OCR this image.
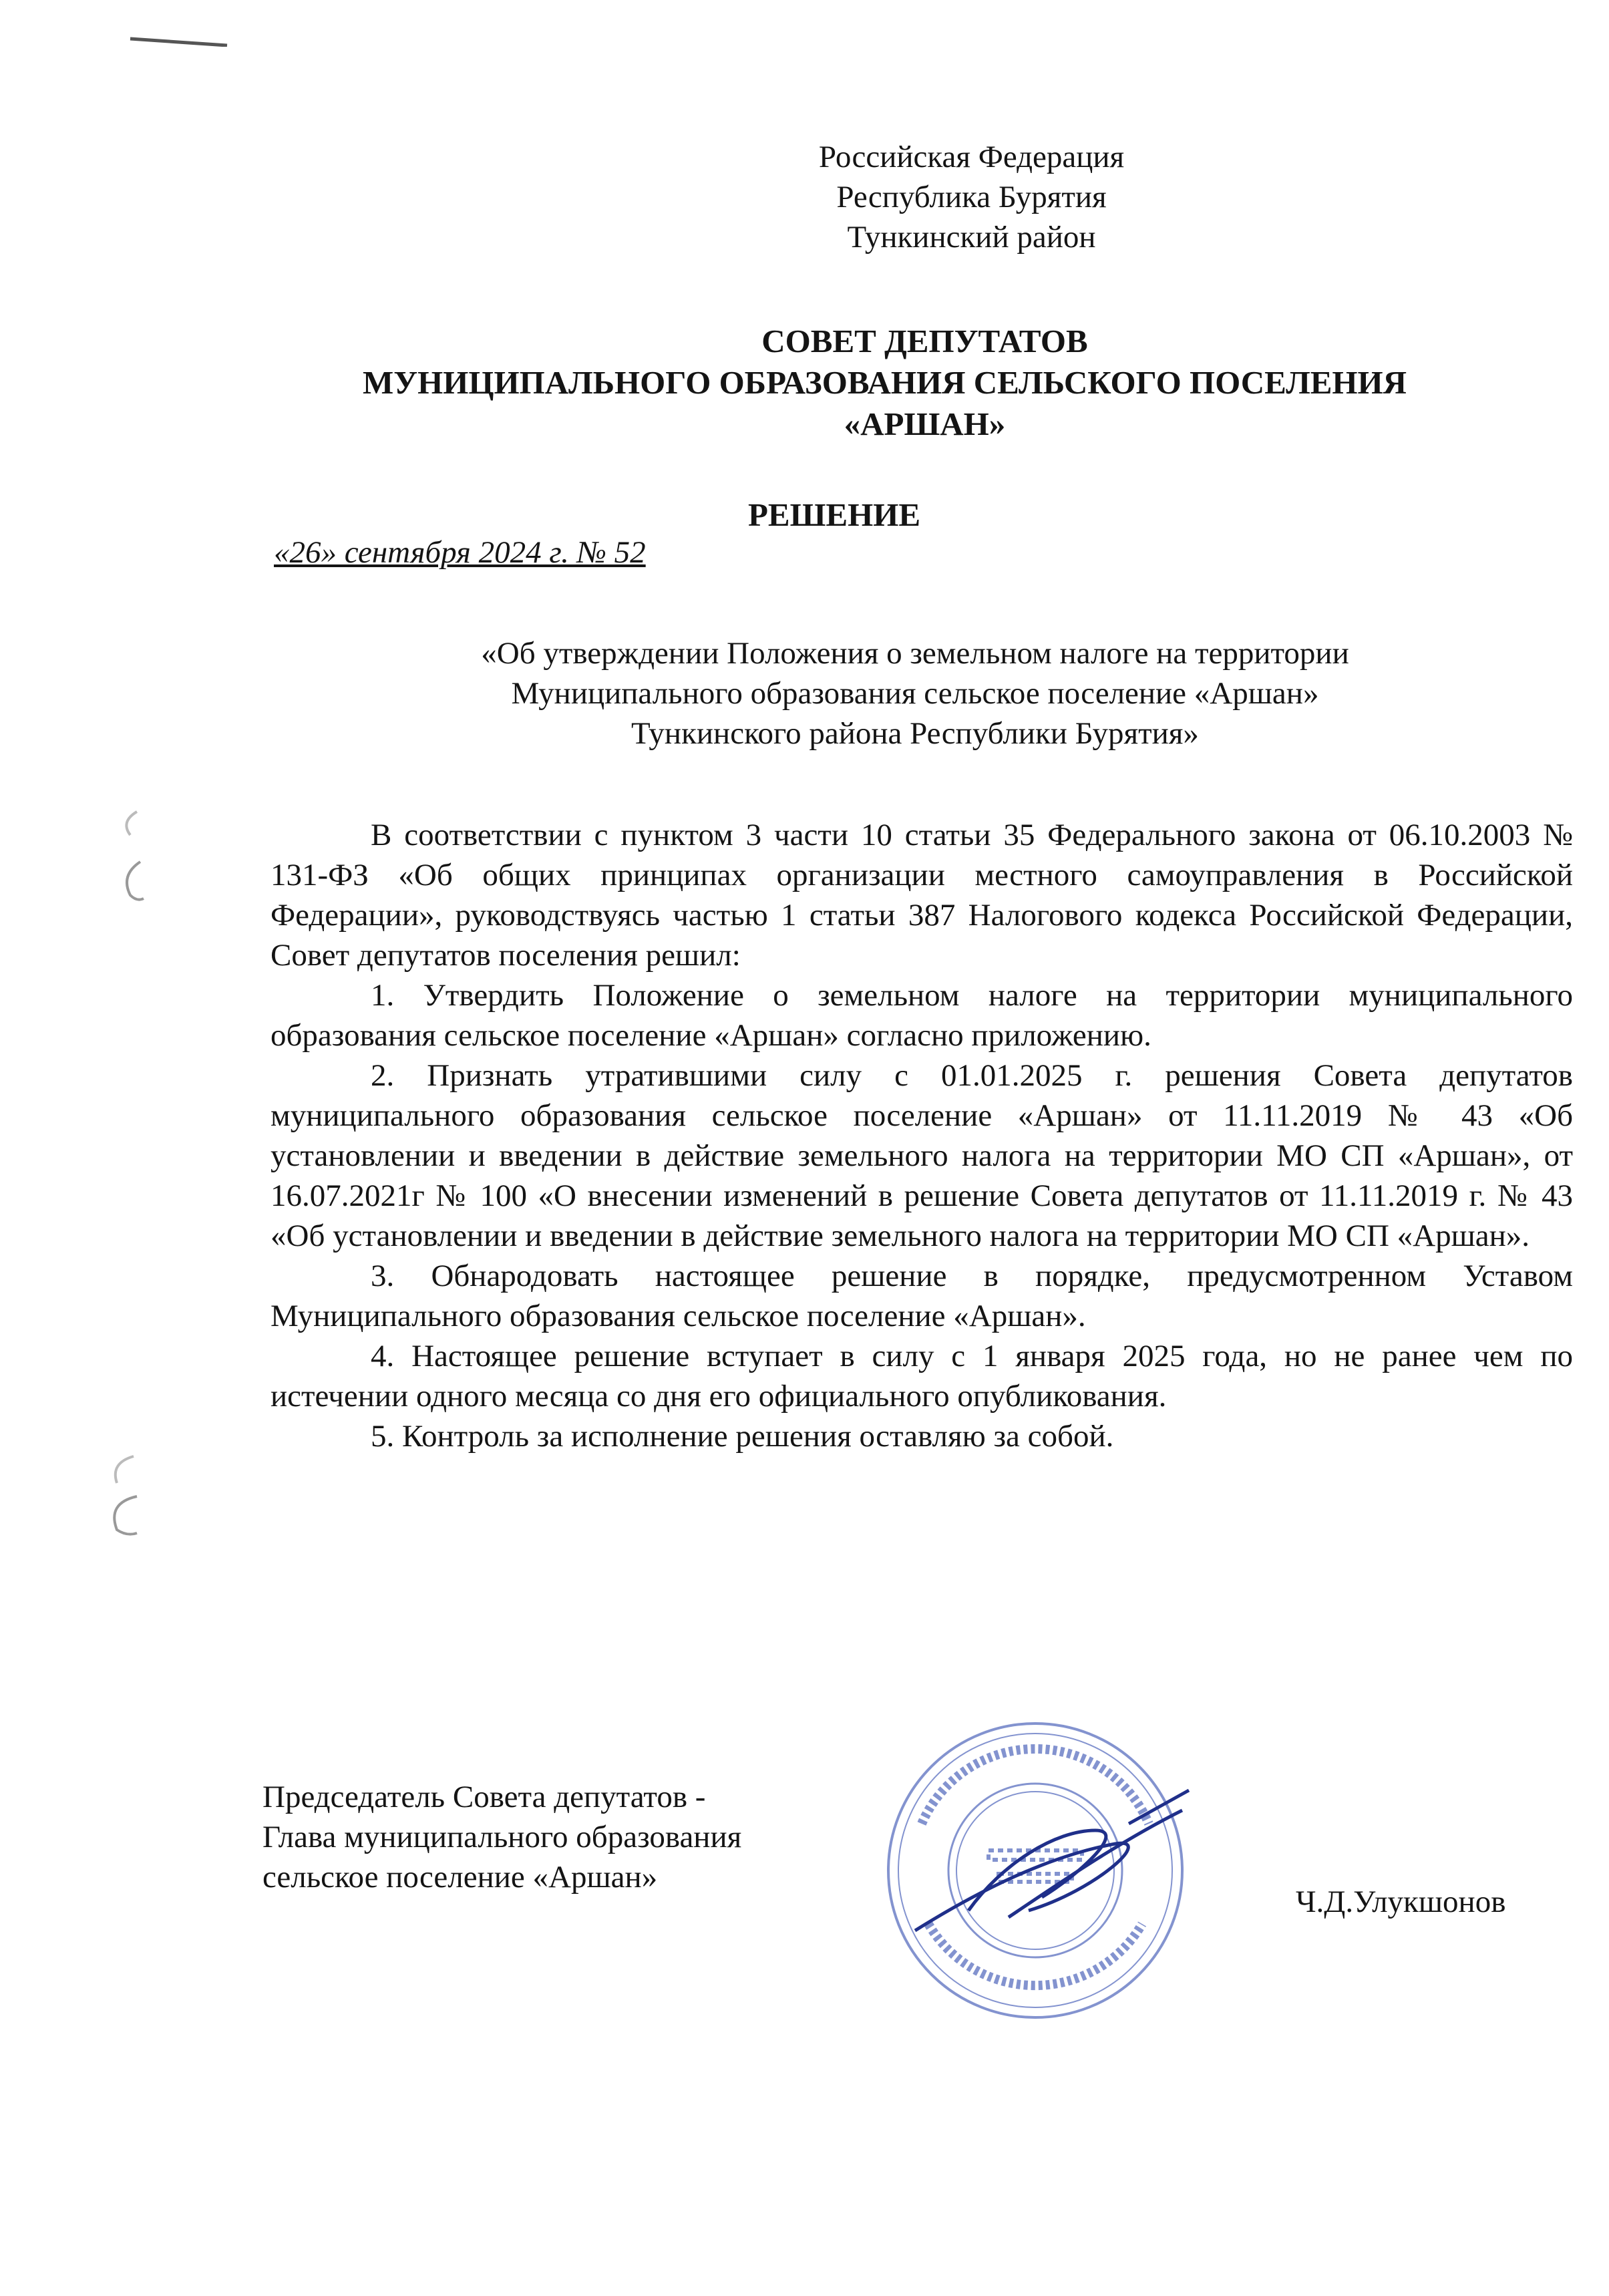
Российская Федерация
Республика Бурятия
Тункинский район
СОВЕТ ДЕПУТАТОВ
МУНИЦИПАЛЬНОГО ОБРАЗОВАНИЯ СЕЛЬСКОГО ПОСЕЛЕНИЯ
«АРШАН»
РЕШЕНИЕ
«26» сентября 2024 г. № 52
«Об утверждении Положения о земельном налоге на территории
Муниципального образования сельское поселение «Аршан»
Тункинского района Республики Бурятия»

В соответствии с пунктом 3 части 10 статьи 35 Федерального закона от 06.10.2003 № 131-ФЗ «Об общих принципах организации местного самоуправления в Российской Федерации», руководствуясь частью 1 статьи 387 Налогового кодекса Российской Федерации, Совет депутатов поселения решил:

1. Утвердить Положение о земельном налоге на территории муниципального образования сельское поселение «Аршан» согласно приложению.

2. Признать утратившими силу с 01.01.2025 г. решения Совета депутатов муниципального образования сельское поселение «Аршан» от 11.11.2019 № 43 «Об установлении и введении в действие земельного налога на территории МО СП «Аршан», от 16.07.2021г № 100 «О внесении изменений в решение Совета депутатов от 11.11.2019 г. № 43 «Об установлении и введении в действие земельного налога на территории МО СП «Аршан».

3. Обнародовать настоящее решение в порядке, предусмотренном Уставом Муниципального образования сельское поселение «Аршан».

4. Настоящее решение вступает в силу с 1 января 2025 года, но не ранее чем по истечении одного месяца со дня его официального опубликования.

5. Контроль за исполнение решения оставляю за собой.

Председатель Совета депутатов -
Глава муниципального образования
сельское поселение «Аршан»
Ч.Д.Улукшонов
